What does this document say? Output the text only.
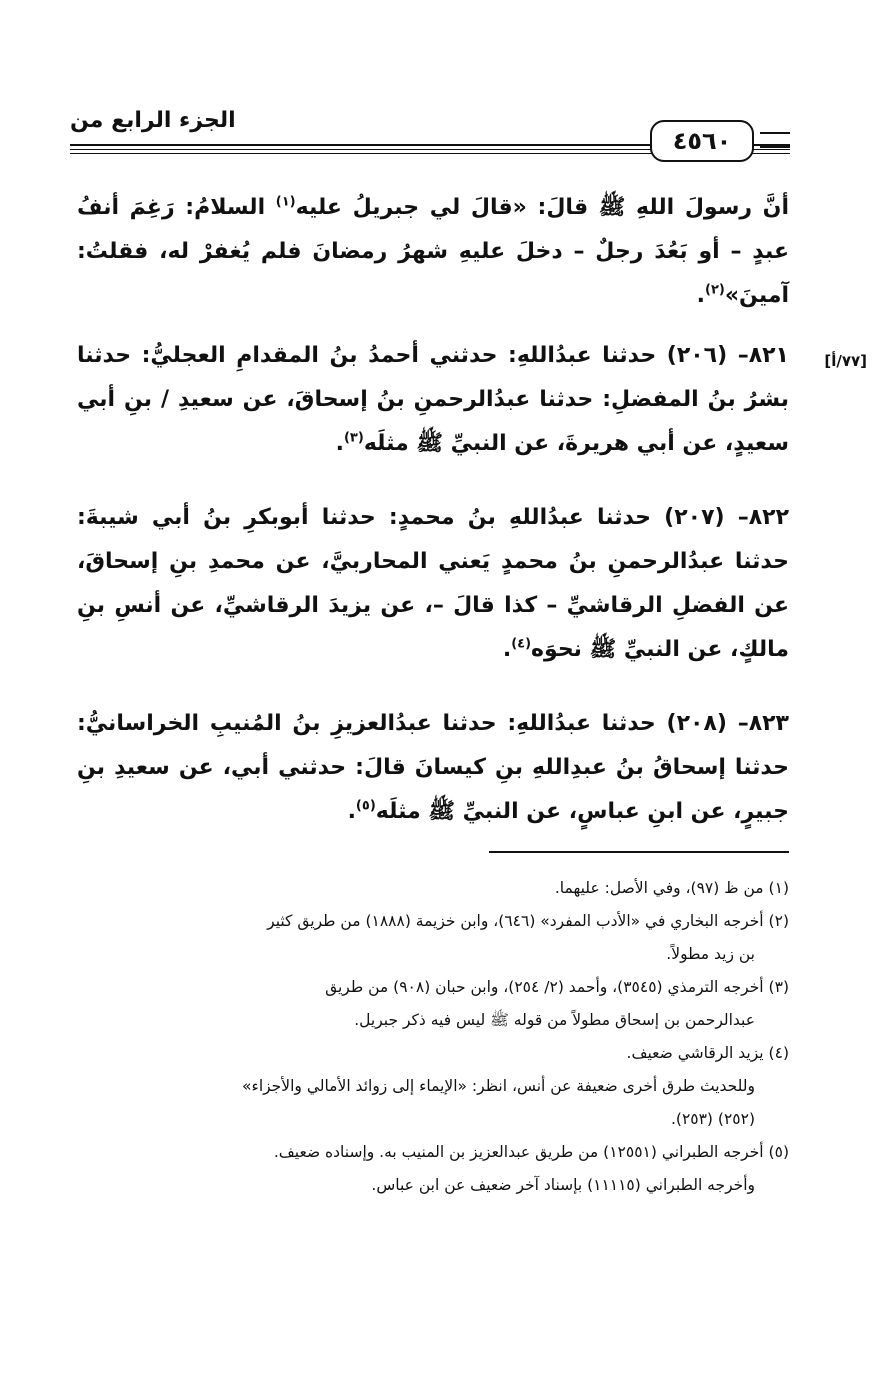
الجزء الرابع من
٤٥٦٠
[٧٧/أ]

أنَّ رسولَ اللهِ ﷺ قالَ: «قالَ لي جبريلُ عليه$^{(١)}$ السلامُ: رَغِمَ أنفُ عبدٍ – أو بَعُدَ رجلٌ – دخلَ عليهِ شهرُ رمضانَ فلم يُغفرْ له، فقلتُ: آمينَ»$^{(٢)}$.

٨٢١– (٢٠٦) حدثنا عبدُاللهِ: حدثني أحمدُ بنُ المقدامِ العجليُّ: حدثنا بشرُ بنُ المفضلِ: حدثنا عبدُالرحمنِ بنُ إسحاقَ، عن سعيدِ / بنِ أبي سعيدٍ، عن أبي هريرةَ، عن النبيِّ ﷺ مثلَه$^{(٣)}$.

٨٢٢– (٢٠٧) حدثنا عبدُاللهِ بنُ محمدٍ: حدثنا أبوبكرِ بنُ أبي شيبةَ: حدثنا عبدُالرحمنِ بنُ محمدٍ يَعني المحاربيَّ، عن محمدِ بنِ إسحاقَ، عن الفضلِ الرقاشيِّ – كذا قالَ –، عن يزيدَ الرقاشيِّ، عن أنسِ بنِ مالكٍ، عن النبيِّ ﷺ نحوَه$^{(٤)}$.

٨٢٣– (٢٠٨) حدثنا عبدُاللهِ: حدثنا عبدُالعزيزِ بنُ المُنيبِ الخراسانيُّ: حدثنا إسحاقُ بنُ عبدِاللهِ بنِ كيسانَ قالَ: حدثني أبي، عن سعيدِ بنِ جبيرٍ، عن ابنِ عباسٍ، عن النبيِّ ﷺ مثلَه$^{(٥)}$.

(١) من ظ (٩٧)، وفي الأصل: عليهما.

(٢) أخرجه البخاري في «الأدب المفرد» (٦٤٦)، وابن خزيمة (١٨٨٨) من طريق كثير
بن زيد مطولاً.

(٣) أخرجه الترمذي (٣٥٤٥)، وأحمد (٢/ ٢٥٤)، وابن حبان (٩٠٨) من طريق
عبدالرحمن بن إسحاق مطولاً من قوله ﷺ ليس فيه ذكر جبريل.

(٤) يزيد الرقاشي ضعيف.

وللحديث طرق أخرى ضعيفة عن أنس، انظر: «الإيماء إلى زوائد الأمالي والأجزاء»
(٢٥٢) (٢٥٣).

(٥) أخرجه الطبراني (١٢٥٥١) من طريق عبدالعزيز بن المنيب به. وإسناده ضعيف.
وأخرجه الطبراني (١١١١٥) بإسناد آخر ضعيف عن ابن عباس.
